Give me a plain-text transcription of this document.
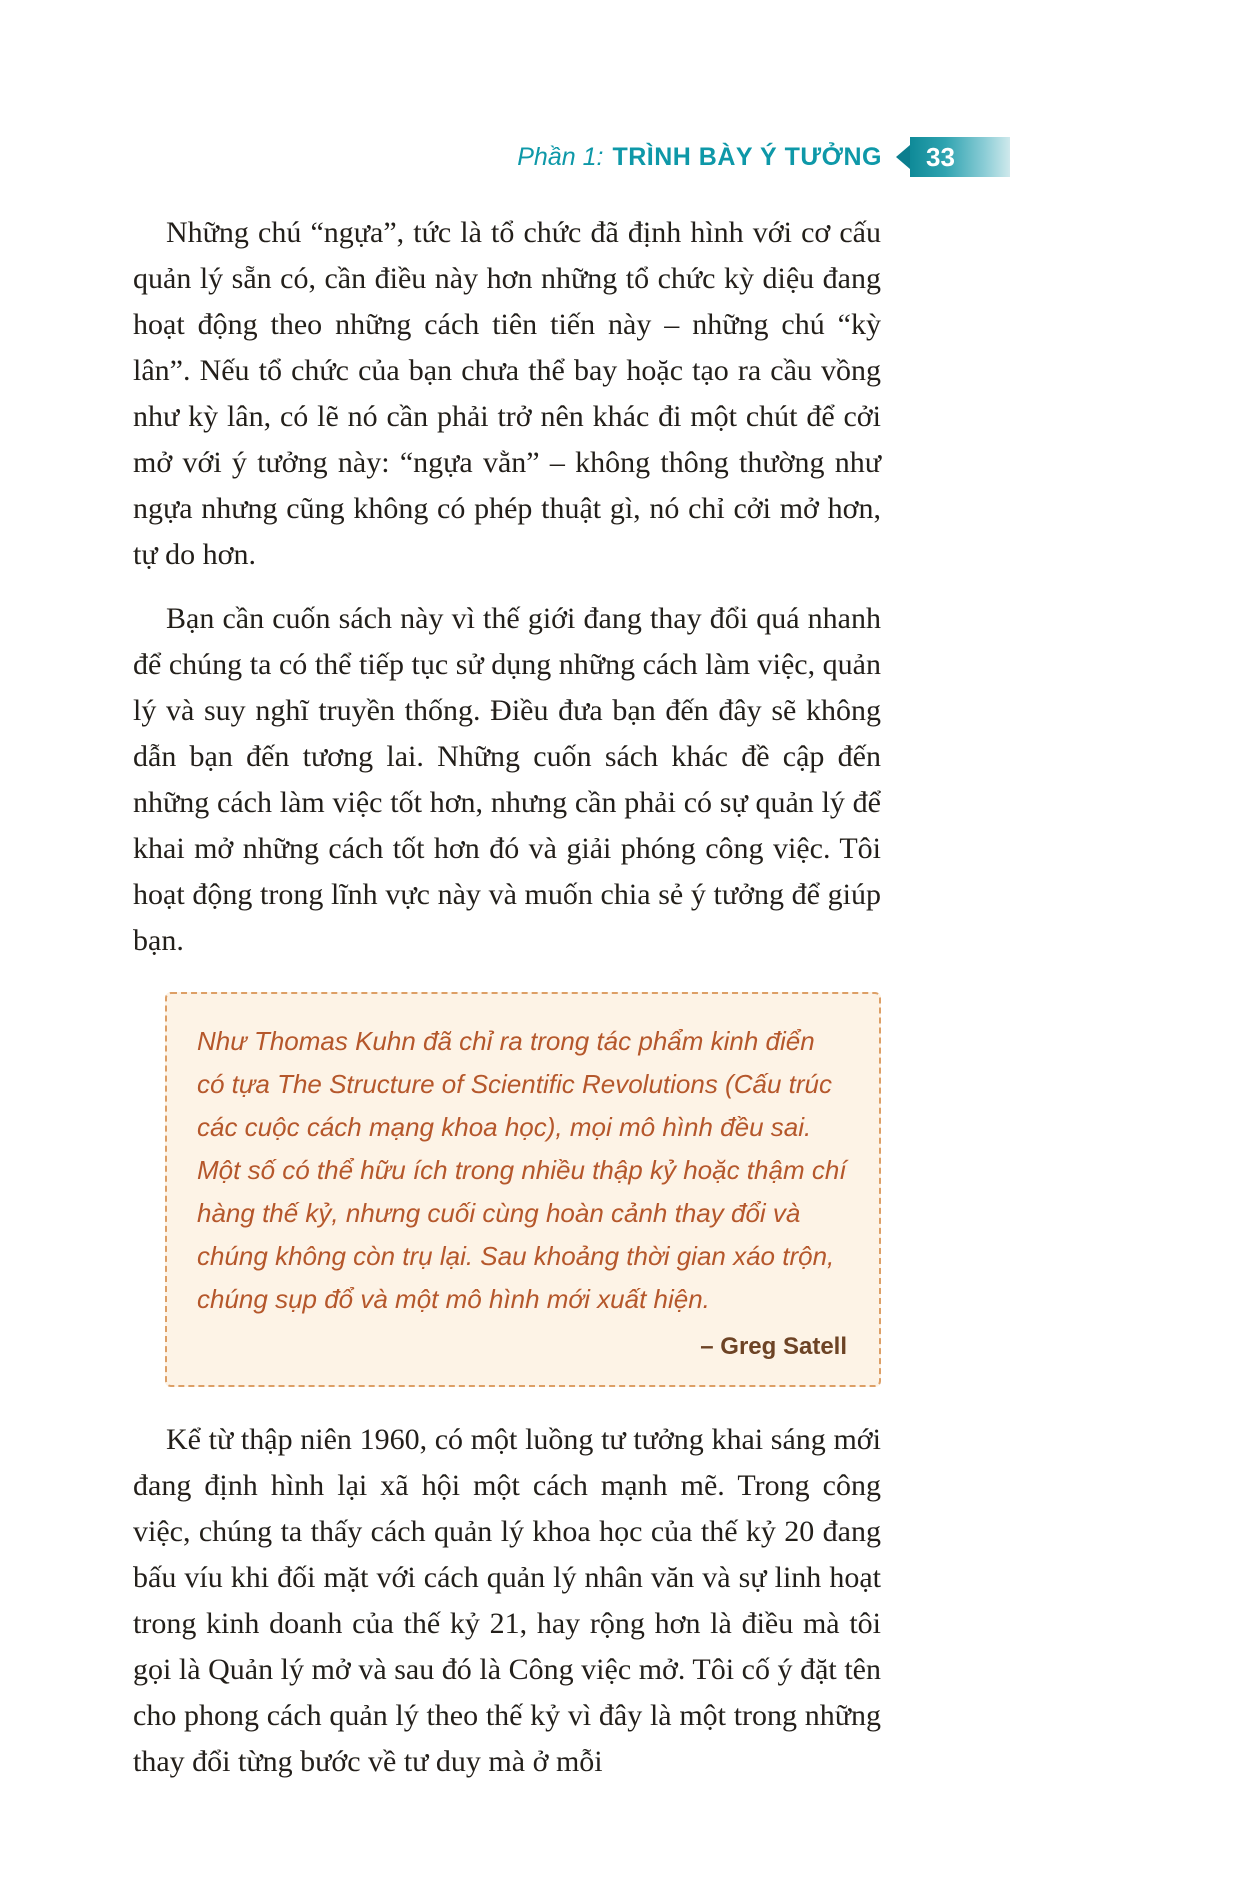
Phần 1: TRÌNH BÀY Ý TƯỞNG	33

Những chú “ngựa”, tức là tổ chức đã định hình với cơ cấu quản lý sẵn có, cần điều này hơn những tổ chức kỳ diệu đang hoạt động theo những cách tiên tiến này – những chú “kỳ lân”. Nếu tổ chức của bạn chưa thể bay hoặc tạo ra cầu vồng như kỳ lân, có lẽ nó cần phải trở nên khác đi một chút để cởi mở với ý tưởng này: “ngựa vằn” – không thông thường như ngựa nhưng cũng không có phép thuật gì, nó chỉ cởi mở hơn, tự do hơn.

Bạn cần cuốn sách này vì thế giới đang thay đổi quá nhanh để chúng ta có thể tiếp tục sử dụng những cách làm việc, quản lý và suy nghĩ truyền thống. Điều đưa bạn đến đây sẽ không dẫn bạn đến tương lai. Những cuốn sách khác đề cập đến những cách làm việc tốt hơn, nhưng cần phải có sự quản lý để khai mở những cách tốt hơn đó và giải phóng công việc. Tôi hoạt động trong lĩnh vực này và muốn chia sẻ ý tưởng để giúp bạn.

Như Thomas Kuhn đã chỉ ra trong tác phẩm kinh điển có tựa The Structure of Scientific Revolutions (Cấu trúc các cuộc cách mạng khoa học), mọi mô hình đều sai. Một số có thể hữu ích trong nhiều thập kỷ hoặc thậm chí hàng thế kỷ, nhưng cuối cùng hoàn cảnh thay đổi và chúng không còn trụ lại. Sau khoảng thời gian xáo trộn, chúng sụp đổ và một mô hình mới xuất hiện.

– Greg Satell

Kể từ thập niên 1960, có một luồng tư tưởng khai sáng mới đang định hình lại xã hội một cách mạnh mẽ. Trong công việc, chúng ta thấy cách quản lý khoa học của thế kỷ 20 đang bấu víu khi đối mặt với cách quản lý nhân văn và sự linh hoạt trong kinh doanh của thế kỷ 21, hay rộng hơn là điều mà tôi gọi là Quản lý mở và sau đó là Công việc mở. Tôi cố ý đặt tên cho phong cách quản lý theo thế kỷ vì đây là một trong những thay đổi từng bước về tư duy mà ở mỗi
